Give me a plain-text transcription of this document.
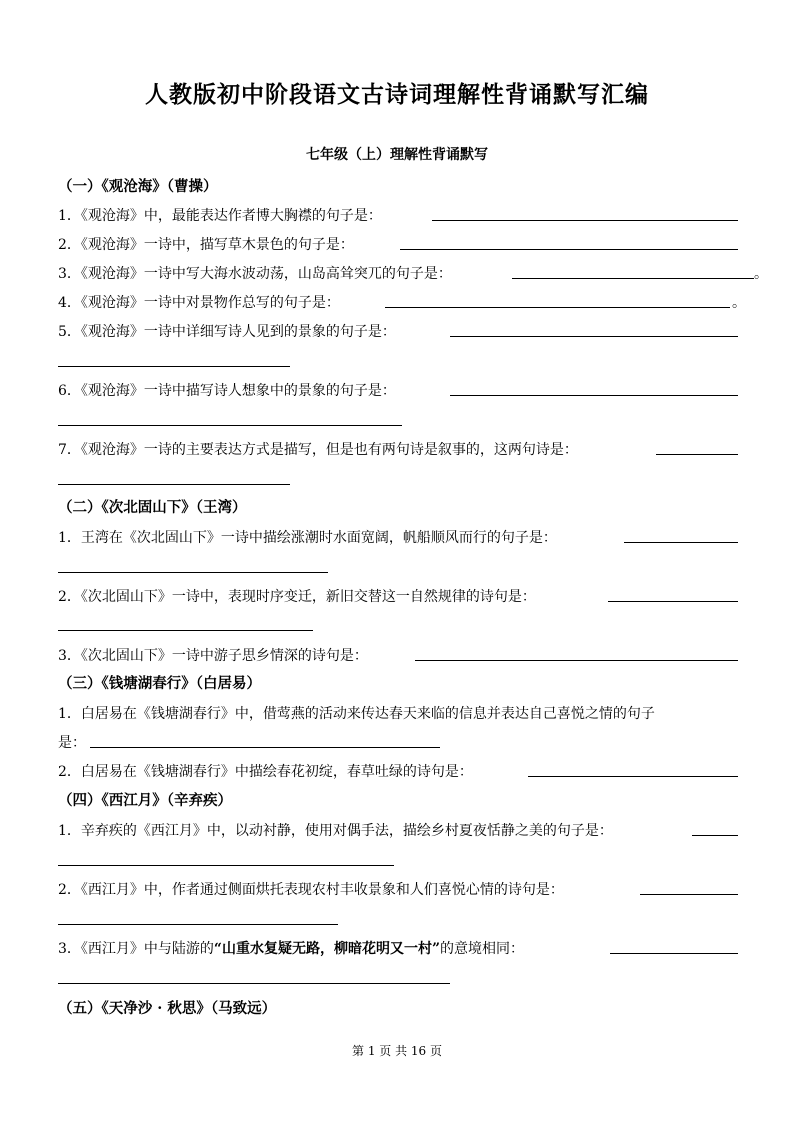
人教版初中阶段语文古诗词理解性背诵默写汇编
七年级（上）理解性背诵默写
（一）《观沧海》（曹操）
1．《观沧海》中，最能表达作者博大胸襟的句子是：
2．《观沧海》一诗中，描写草木景色的句子是：
3．《观沧海》一诗中写大海水波动荡，山岛高耸突兀的句子是：	。
4．《观沧海》一诗中对景物作总写的句子是：	。
5．《观沧海》一诗中详细写诗人见到的景象的句子是：
6．《观沧海》一诗中描写诗人想象中的景象的句子是：
7．《观沧海》一诗的主要表达方式是描写，但是也有两句诗是叙事的，这两句诗是：
（二）《次北固山下》（王湾）
1．王湾在《次北固山下》一诗中描绘涨潮时水面宽阔，帆船顺风而行的句子是：
2．《次北固山下》一诗中，表现时序变迁，新旧交替这一自然规律的诗句是：
3．《次北固山下》一诗中游子思乡情深的诗句是：
（三）《钱塘湖春行》（白居易）
1．白居易在《钱塘湖春行》中，借莺燕的活动来传达春天来临的信息并表达自己喜悦之情的句子
是：
2．白居易在《钱塘湖春行》中描绘春花初绽，春草吐绿的诗句是：
（四）《西江月》（辛弃疾）
1．辛弃疾的《西江月》中，以动衬静，使用对偶手法，描绘乡村夏夜恬静之美的句子是：
2．《西江月》中，作者通过侧面烘托表现农村丰收景象和人们喜悦心情的诗句是：
3．《西江月》中与陆游的“山重水复疑无路，柳暗花明又一村”的意境相同：
（五）《天净沙 · 秋思》（马致远）
第 1 页 共 16 页
